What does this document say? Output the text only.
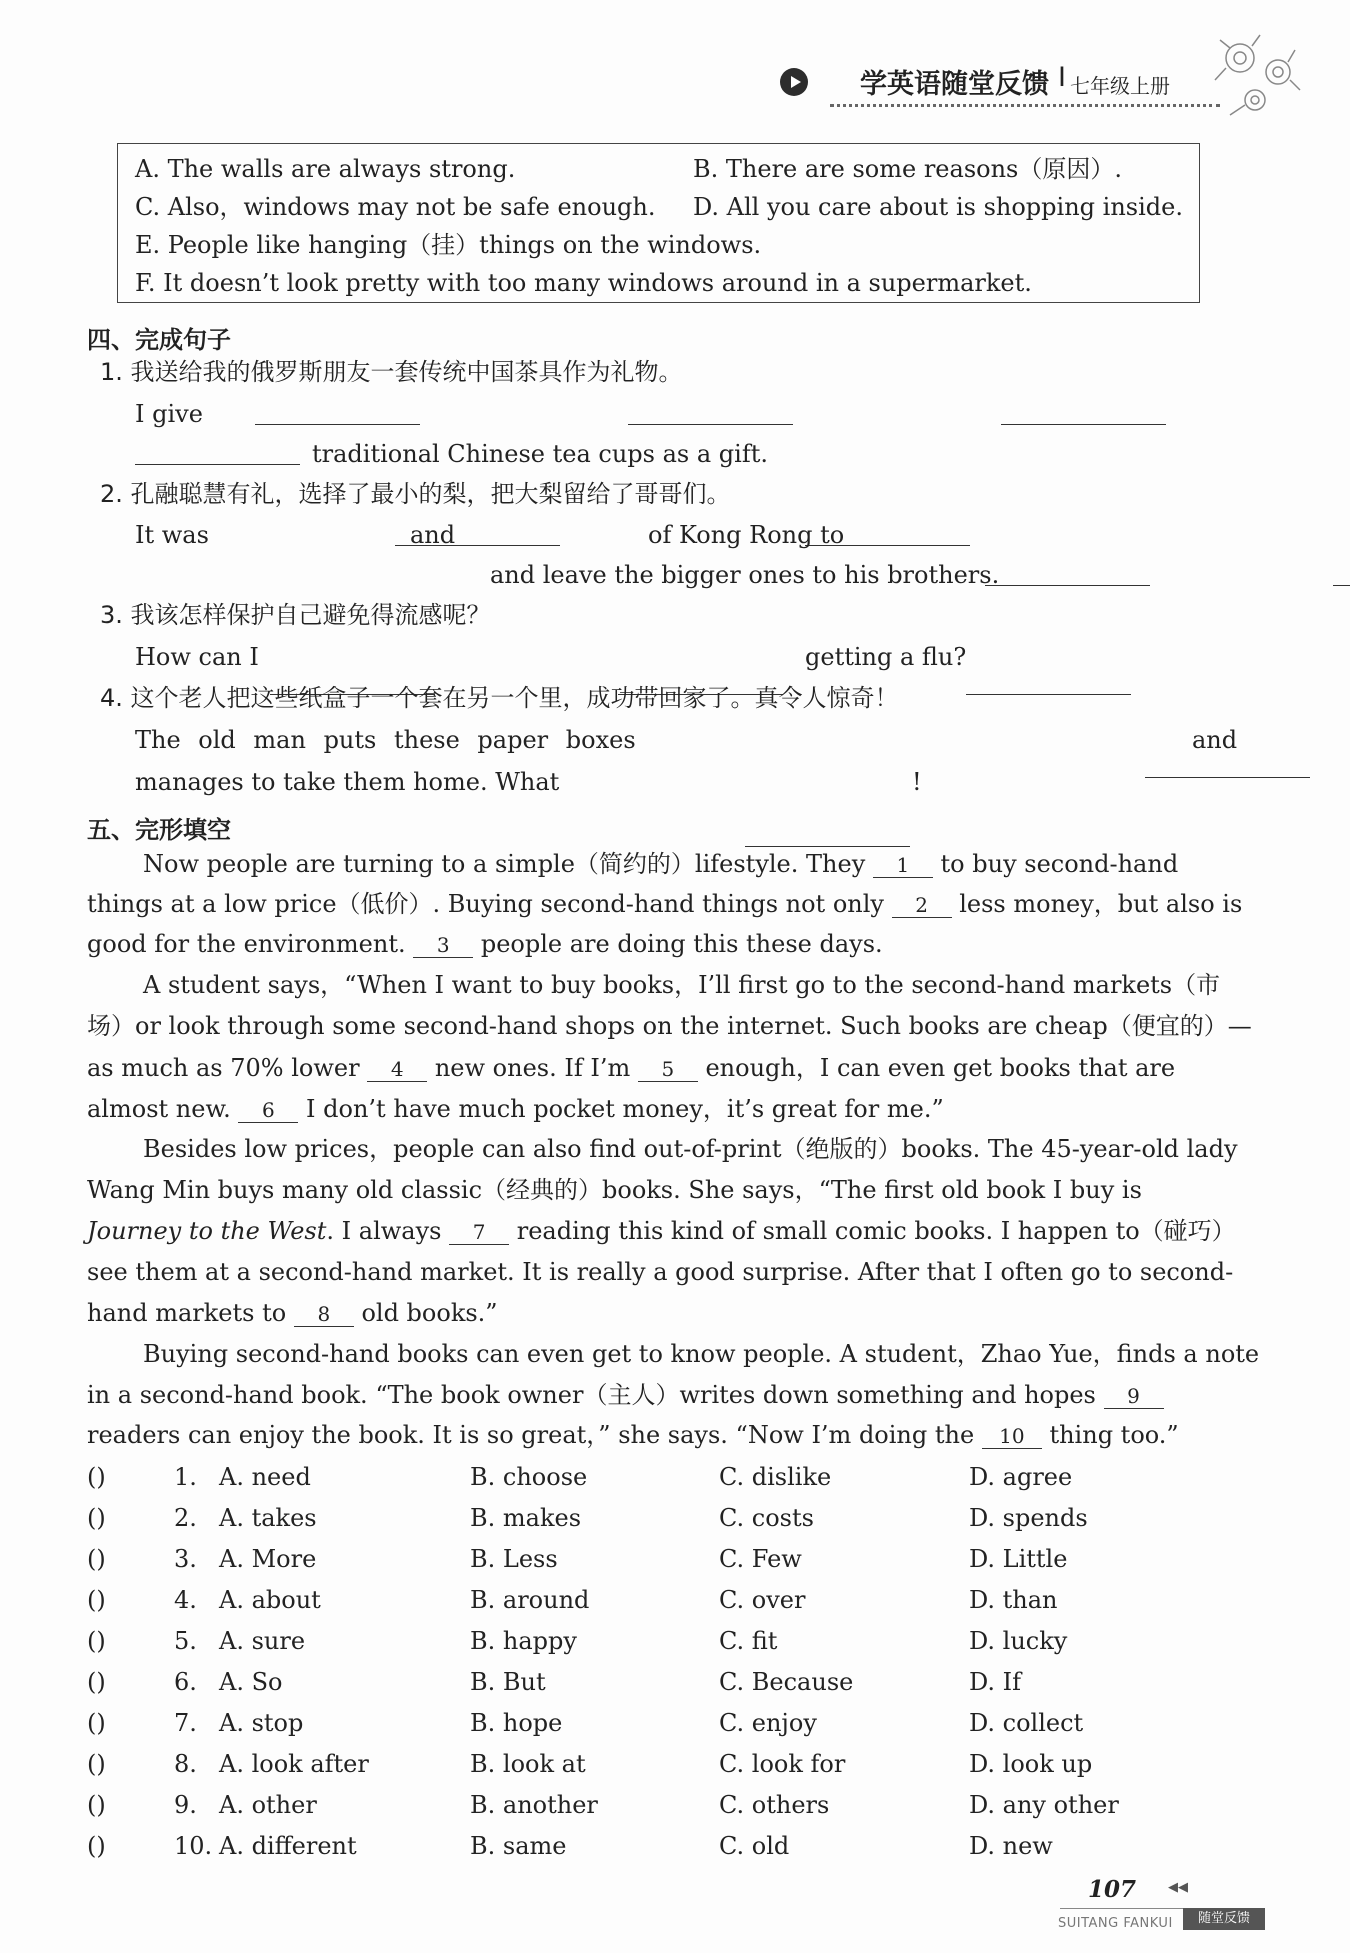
学英语随堂反馈 I 七年级上册
A. The walls are always strong.	B. There are some reasons（原因）.
C. Also，windows may not be safe enough. D. All you care about is shopping inside.
E. People like hanging（挂）things on the windows.
F. It doesn’t look pretty with too many windows around in a supermarket.
四、完成句子
1. 我送给我的俄罗斯朋友一套传统中国茶具作为礼物。
I give

traditional Chinese tea cups as a gift.
2. 孔融聪慧有礼，选择了最小的梨，把大梨留给了哥哥们。
It was
	and
	of Kong Rong to

and leave the bigger ones to his brothers.
3. 我该怎样保护自己避免得流感呢？
How can I
	getting a flu?
4. 这个老人把这些纸盒子一个套在另一个里，成功带回家了。真令人惊奇！
The old man puts these paper boxes
	and
manages to take them home. What
	!
五、完形填空
Now people are turning to a simple（简约的）lifestyle. They 1 to buy second-hand
things at a low price（低价）. Buying second-hand things not only 2 less money，but also is
good for the environment. 3 people are doing this these days.
A student says，“When I want to buy books，I’ll first go to the second-hand markets（市
场）or look through some second-hand shops on the internet. Such books are cheap（便宜的）—
as much as 70% lower 4 new ones. If I’m 5 enough，I can even get books that are
almost new. 6 I don’t have much pocket money，it’s great for me.”
Besides low prices，people can also find out-of-print（绝版的）books. The 45-year-old lady
Wang Min buys many old classic（经典的）books. She says，“The first old book I buy is
Journey to the West. I always 7 reading this kind of small comic books. I happen to（碰巧）
see them at a second-hand market. It is really a good surprise. After that I often go to second-
hand markets to 8 old books.”
Buying second-hand books can even get to know people. A student，Zhao Yue，finds a note
in a second-hand book. “The book owner（主人）writes down something and hopes 9
readers can enjoy the book. It is so great，” she says. “Now I’m doing the 10 thing too.”
(
)	1. A. need	B. choose	C. dislike	D. agree
(
)	2. A. takes	B. makes	C. costs	D. spends
(
)	3. A. More	B. Less	C. Few	D. Little
(
)	4. A. about	B. around	C. over	D. than
(
)	5. A. sure	B. happy	C. fit	D. lucky
(
)	6. A. So	B. But	C. Because	D. If
(
)	7. A. stop	B. hope	C. enjoy	D. collect
(
)	8. A. look after	B. look at	C. look for	D. look up
(
)	9. A. other	B. another	C. others	D. any other
(
)	10. A. different	B. same	C. old	D. new
107 ◀◀
SUITANG FANKUI	随堂反馈
